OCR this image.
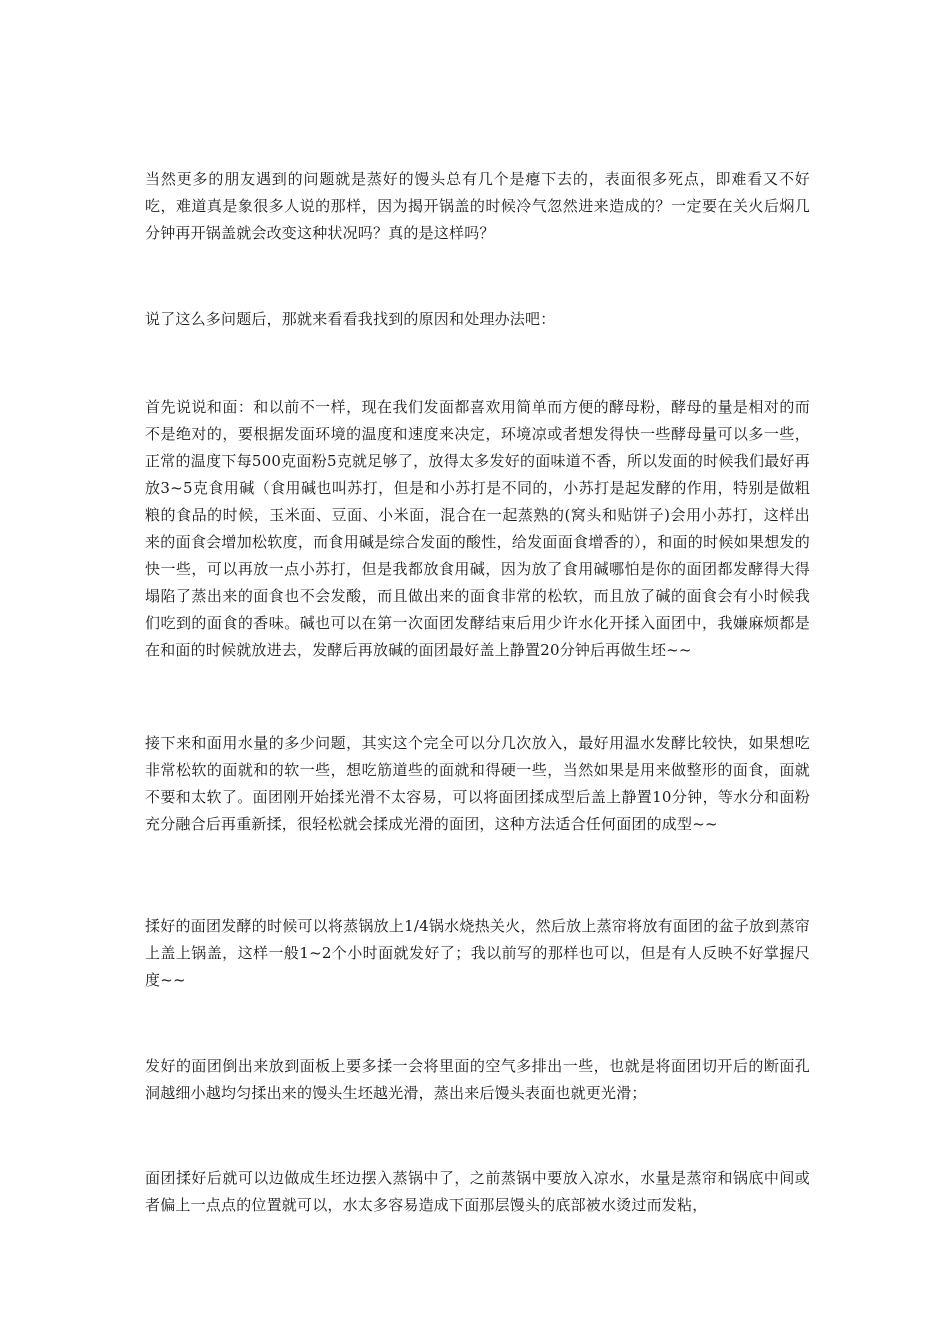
当然更多的朋友遇到的问题就是蒸好的馒头总有几个是瘪下去的，表面很多死点，即难看又不好吃，难道真是象很多人说的那样，因为揭开锅盖的时候冷气忽然进来造成的？一定要在关火后焖几分钟再开锅盖就会改变这种状况吗？真的是这样吗？

说了这么多问题后，那就来看看我找到的原因和处理办法吧：

首先说说和面：和以前不一样，现在我们发面都喜欢用简单而方便的酵母粉，酵母的量是相对的而不是绝对的，要根据发面环境的温度和速度来决定，环境凉或者想发得快一些酵母量可以多一些，正常的温度下每500克面粉5克就足够了，放得太多发好的面味道不香，所以发面的时候我们最好再放3~5克食用碱（食用碱也叫苏打，但是和小苏打是不同的，小苏打是起发酵的作用，特别是做粗粮的食品的时候，玉米面、豆面、小米面，混合在一起蒸熟的(窝头和贴饼子)会用小苏打，这样出来的面食会增加松软度，而食用碱是综合发面的酸性，给发面面食增香的），和面的时候如果想发的快一些，可以再放一点小苏打，但是我都放食用碱，因为放了食用碱哪怕是你的面团都发酵得大得塌陷了蒸出来的面食也不会发酸，而且做出来的面食非常的松软，而且放了碱的面食会有小时候我们吃到的面食的香味。碱也可以在第一次面团发酵结束后用少许水化开揉入面团中，我嫌麻烦都是在和面的时候就放进去，发酵后再放碱的面团最好盖上静置20分钟后再做生坯~~

接下来和面用水量的多少问题，其实这个完全可以分几次放入，最好用温水发酵比较快，如果想吃非常松软的面就和的软一些，想吃筋道些的面就和得硬一些，当然如果是用来做整形的面食，面就不要和太软了。面团刚开始揉光滑不太容易，可以将面团揉成型后盖上静置10分钟，等水分和面粉充分融合后再重新揉，很轻松就会揉成光滑的面团，这种方法适合任何面团的成型~~

揉好的面团发酵的时候可以将蒸锅放上1/4锅水烧热关火，然后放上蒸帘将放有面团的盆子放到蒸帘上盖上锅盖，这样一般1~2个小时面就发好了；我以前写的那样也可以，但是有人反映不好掌握尺度~~

发好的面团倒出来放到面板上要多揉一会将里面的空气多排出一些，也就是将面团切开后的断面孔洞越细小越均匀揉出来的馒头生坯越光滑，蒸出来后馒头表面也就更光滑；

面团揉好后就可以边做成生坯边摆入蒸锅中了，之前蒸锅中要放入凉水，水量是蒸帘和锅底中间或者偏上一点点的位置就可以，水太多容易造成下面那层馒头的底部被水烫过而发粘，
